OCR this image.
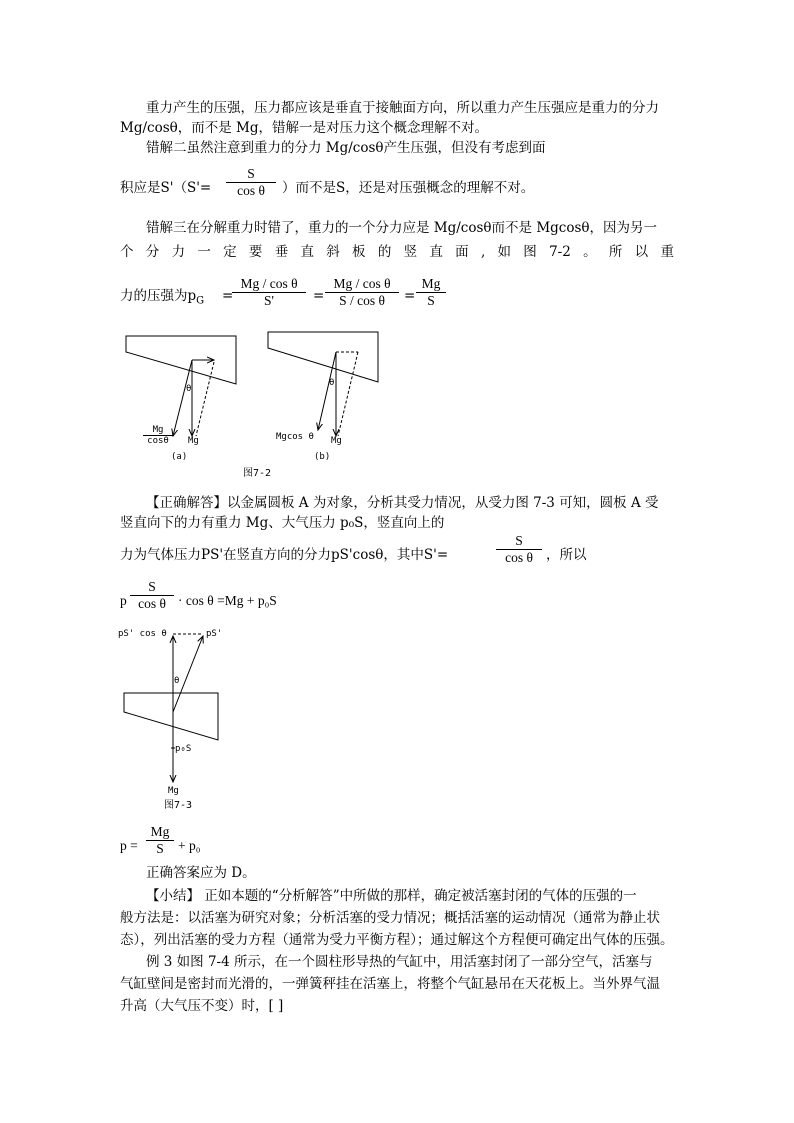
重力产生的压强，压力都应该是垂直于接触面方向，所以重力产生压强应是重力的分力
Mg/cosθ，而不是 Mg，错解一是对压力这个概念理解不对。
错解二虽然注意到重力的分力 Mg/cosθ产生压强，但没有考虑到面
积应是$S'(S'= \frac{S}{\text{cos θ}}$ ）而不是S，还是对压强概念的理解不对。
错解三在分解重力时错了，重力的一个分力应是 Mg/cosθ而不是 Mgcosθ，因为另一
个 分 力 一 定 要 垂 直 斜 板 的 竖 直 面 , 如 图 7-2 。 所 以 重
力的压强为$p_G$ =
$\frac{\text{Mg / cos θ}}{S'} = \frac{\text{Mg / cos θ}}{\text{S / cos θ}} = \frac{Mg}{S}$
$\frac{Mg}{\cos\theta}$ Mg
θ
(a)
Mgcos θ Mg
θ
(b)
图7-2
【正确解答】以金属圆板 A 为对象，分析其受力情况，从受力图 7-3 可知，圆板 A 受
竖直向下的力有重力 Mg、大气压力 p₀S，竖直向上的
力为气体压力PS'在竖直方向的分力pS'cosθ，其中S'=	$\frac{S}{\text{cos θ}}$ ，所以
p $\frac{S}{\text{cos θ}} \cdot \cos \theta =Mg + p_0S$
pS' cos θ	pS'
θ
p₀S
Mg
图7-3
$p = \frac{Mg}{S} + p_0$
正确答案应为 D。
【小结】 正如本题的“分析解答”中所做的那样，确定被活塞封闭的气体的压强的一
般方法是：以活塞为研究对象；分析活塞的受力情况；概括活塞的运动情况（通常为静止状
态），列出活塞的受力方程（通常为受力平衡方程）；通过解这个方程便可确定出气体的压强。
例 3 如图 7-4 所示，在一个圆柱形导热的气缸中，用活塞封闭了一部分空气，活塞与
气缸壁间是密封而光滑的，一弹簧秤挂在活塞上，将整个气缸悬吊在天花板上。当外界气温
升高（大气压不变）时，[ ]
